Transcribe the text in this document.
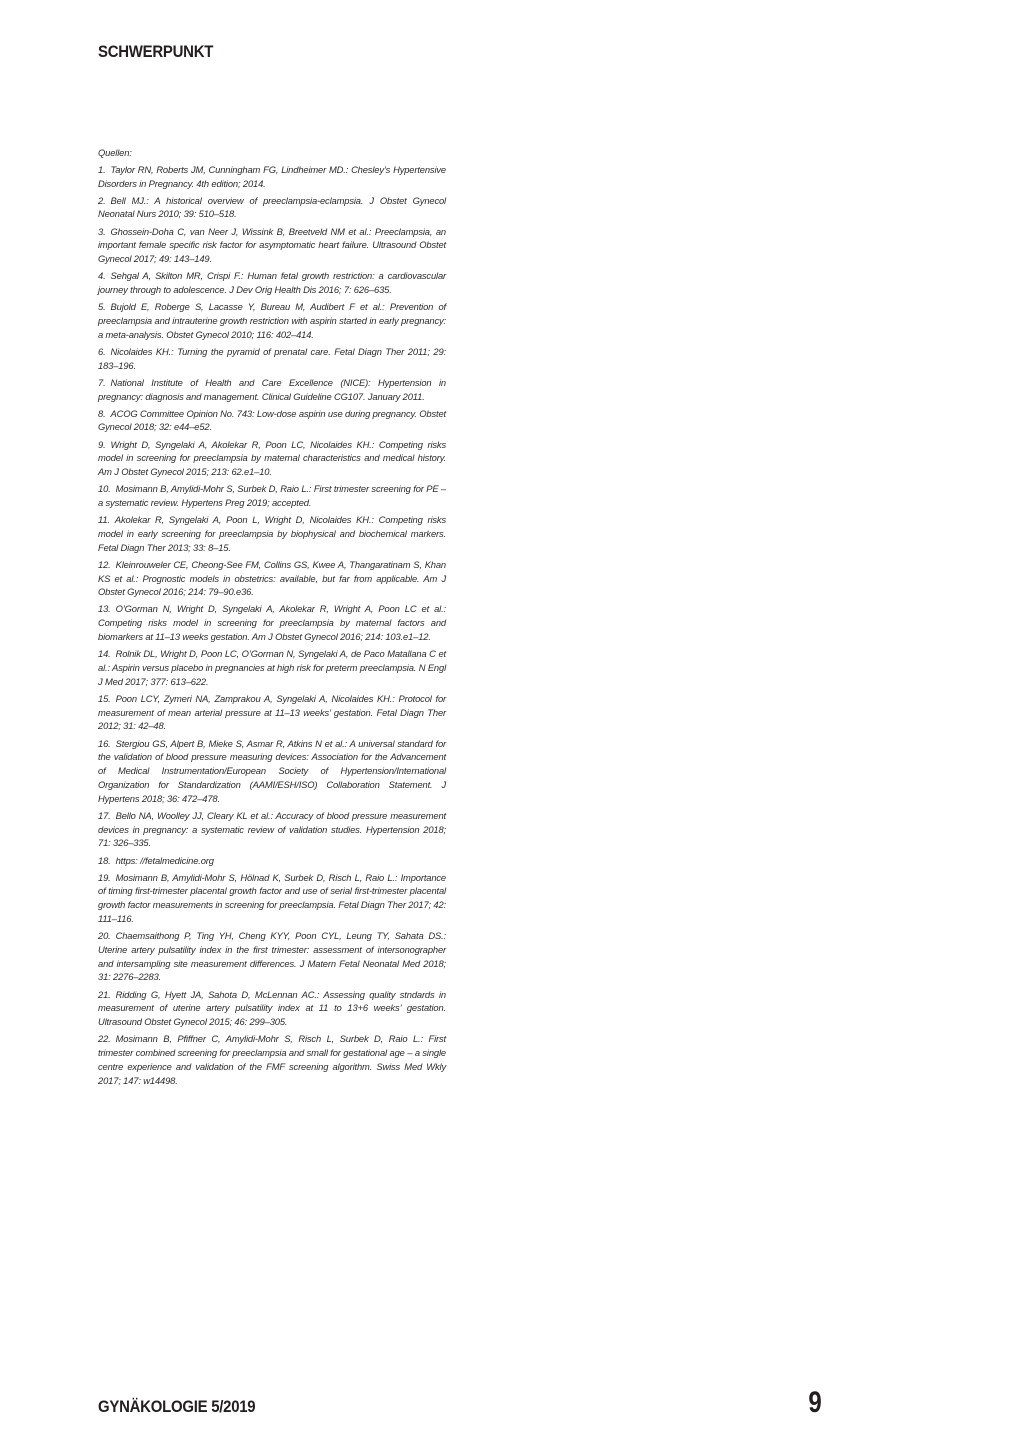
SCHWERPUNKT

Quellen:

1. Taylor RN, Roberts JM, Cunningham FG, Lindheimer MD.: Chesley’s Hypertensive Disorders in Pregnancy. 4th edition; 2014.

2. Bell MJ.: A historical overview of preeclampsia-eclampsia. J Obstet Gynecol Neonatal Nurs 2010; 39: 510–518.

3. Ghossein-Doha C, van Neer J, Wissink B, Breetveld NM et al.: Preeclampsia, an important female specific risk factor for asymptomatic heart failure. Ultrasound Obstet Gynecol 2017; 49: 143–149.

4. Sehgal A, Skilton MR, Crispi F.: Human fetal growth restriction: a cardiovascular journey through to adolescence. J Dev Orig Health Dis 2016; 7: 626–635.

5. Bujold E, Roberge S, Lacasse Y, Bureau M, Audibert F et al.: Prevention of preeclampsia and intrauterine growth restriction with aspirin started in early pregnancy: a meta-analysis. Obstet Gynecol 2010; 116: 402–414.

6. Nicolaides KH.: Turning the pyramid of prenatal care. Fetal Diagn Ther 2011; 29: 183–196.

7. National Institute of Health and Care Excellence (NICE): Hypertension in pregnancy: diagnosis and management. Clinical Guideline CG107. January 2011.

8. ACOG Committee Opinion No. 743: Low-dose aspirin use during pregnancy. Obstet Gynecol 2018; 32: e44–e52.

9. Wright D, Syngelaki A, Akolekar R, Poon LC, Nicolaides KH.: Competing risks model in screening for preeclampsia by maternal characteristics and medical history. Am J Obstet Gynecol 2015; 213: 62.e1–10.

10. Mosimann B, Amylidi-Mohr S, Surbek D, Raio L.: First trimester screening for PE – a systematic review. Hypertens Preg 2019; accepted.

11. Akolekar R, Syngelaki A, Poon L, Wright D, Nicolaides KH.: Competing risks model in early screening for preeclampsia by biophysical and biochemical markers. Fetal Diagn Ther 2013; 33: 8–15.

12. Kleinrouweler CE, Cheong-See FM, Collins GS, Kwee A, Thangaratinam S, Khan KS et al.: Prognostic models in obstetrics: available, but far from applicable. Am J Obstet Gynecol 2016; 214: 79–90.e36.

13. O’Gorman N, Wright D, Syngelaki A, Akolekar R, Wright A, Poon LC et al.: Competing risks model in screening for preeclampsia by maternal factors and biomarkers at 11–13 weeks gestation. Am J Obstet Gynecol 2016; 214: 103.e1–12.

14. Rolnik DL, Wright D, Poon LC, O’Gorman N, Syngelaki A, de Paco Matallana C et al.: Aspirin versus placebo in pregnancies at high risk for preterm preeclampsia. N Engl J Med 2017; 377: 613–622.

15. Poon LCY, Zymeri NA, Zamprakou A, Syngelaki A, Nicolaides KH.: Protocol for measurement of mean arterial pressure at 11–13 weeks’ gestation. Fetal Diagn Ther 2012; 31: 42–48.

16. Stergiou GS, Alpert B, Mieke S, Asmar R, Atkins N et al.: A universal standard for the validation of blood pressure measuring devices: Association for the Advancement of Medical Instrumentation/European Society of Hypertension/International Organization for Standardization (AAMI/ESH/ISO) Collaboration Statement. J Hypertens 2018; 36: 472–478.

17. Bello NA, Woolley JJ, Cleary KL et al.: Accuracy of blood pressure measurement devices in pregnancy: a systematic review of validation studies. Hypertension 2018; 71: 326–335.

18. https: //fetalmedicine.org

19. Mosimann B, Amylidi-Mohr S, Hölnad K, Surbek D, Risch L, Raio L.: Importance of timing first-trimester placental growth factor and use of serial first-trimester placental growth factor measurements in screening for preeclampsia. Fetal Diagn Ther 2017; 42: 111–116.

20. Chaemsaithong P, Ting YH, Cheng KYY, Poon CYL, Leung TY, Sahata DS.: Uterine artery pulsatility index in the first trimester: assessment of intersonographer and intersampling site measurement differences. J Matern Fetal Neonatal Med 2018; 31: 2276–2283.

21. Ridding G, Hyett JA, Sahota D, McLennan AC.: Assessing quality stndards in measurement of uterine artery pulsatility index at 11 to 13+6 weeks’ gestation. Ultrasound Obstet Gynecol 2015; 46: 299–305.

22. Mosimann B, Pfiffner C, Amylidi-Mohr S, Risch L, Surbek D, Raio L.: First trimester combined screening for preeclampsia and small for gestational age – a single centre experience and validation of the FMF screening algorithm. Swiss Med Wkly 2017; 147: w14498.

GYNÄKOLOGIE 5/2019	9
